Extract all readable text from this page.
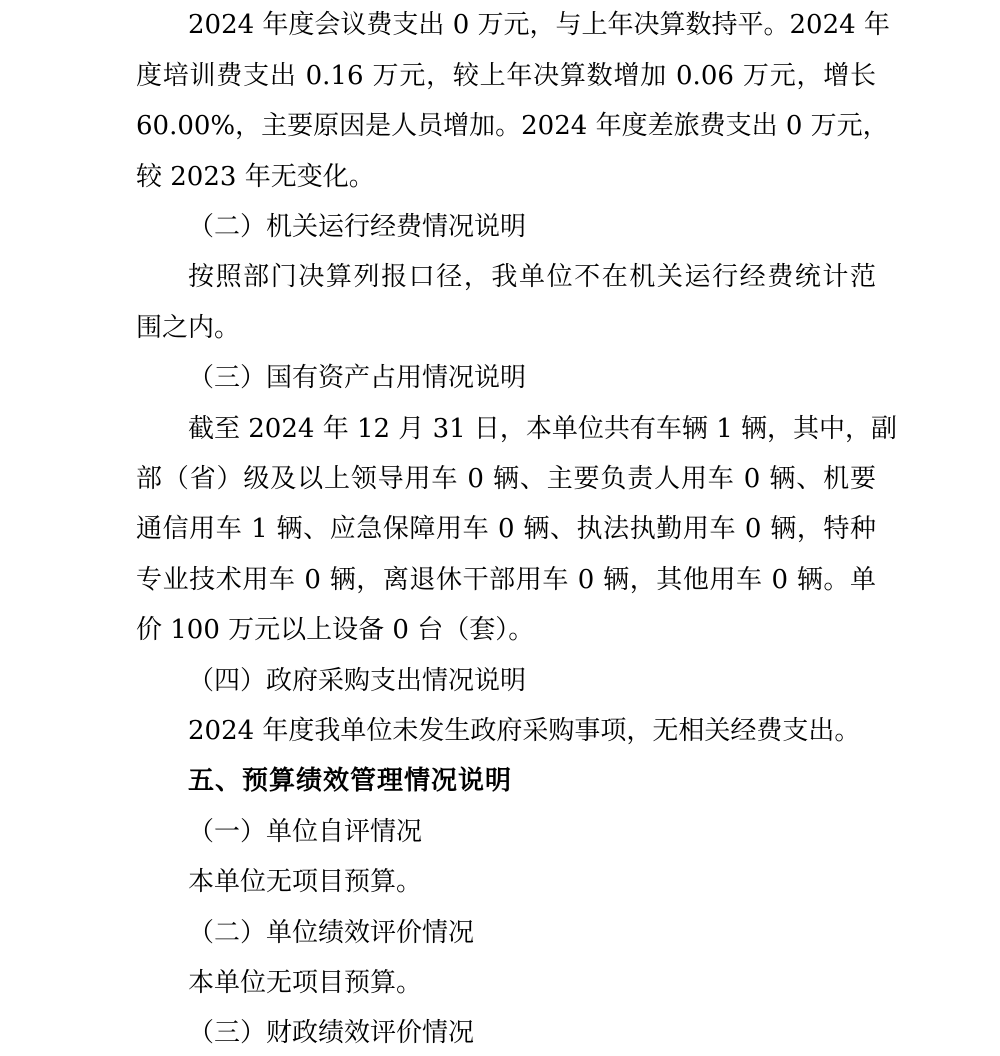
2024 年度会议费支出 0 万元，与上年决算数持平。2024 年
度培训费支出 0.16 万元，较上年决算数增加 0.06 万元，增长
60.00%，主要原因是人员增加。2024 年度差旅费支出 0 万元，
较 2023 年无变化。
（二）机关运行经费情况说明
按照部门决算列报口径，我单位不在机关运行经费统计范
围之内。
（三）国有资产占用情况说明
截至 2024 年 12 月 31 日，本单位共有车辆 1 辆，其中，副
部（省）级及以上领导用车 0 辆、主要负责人用车 0 辆、机要
通信用车 1 辆、应急保障用车 0 辆、执法执勤用车 0 辆，特种
专业技术用车 0 辆，离退休干部用车 0 辆，其他用车 0 辆。单
价 100 万元以上设备 0 台（套）。
（四）政府采购支出情况说明
2024 年度我单位未发生政府采购事项，无相关经费支出。
五、预算绩效管理情况说明
（一）单位自评情况
本单位无项目预算。
（二）单位绩效评价情况
本单位无项目预算。
（三）财政绩效评价情况
